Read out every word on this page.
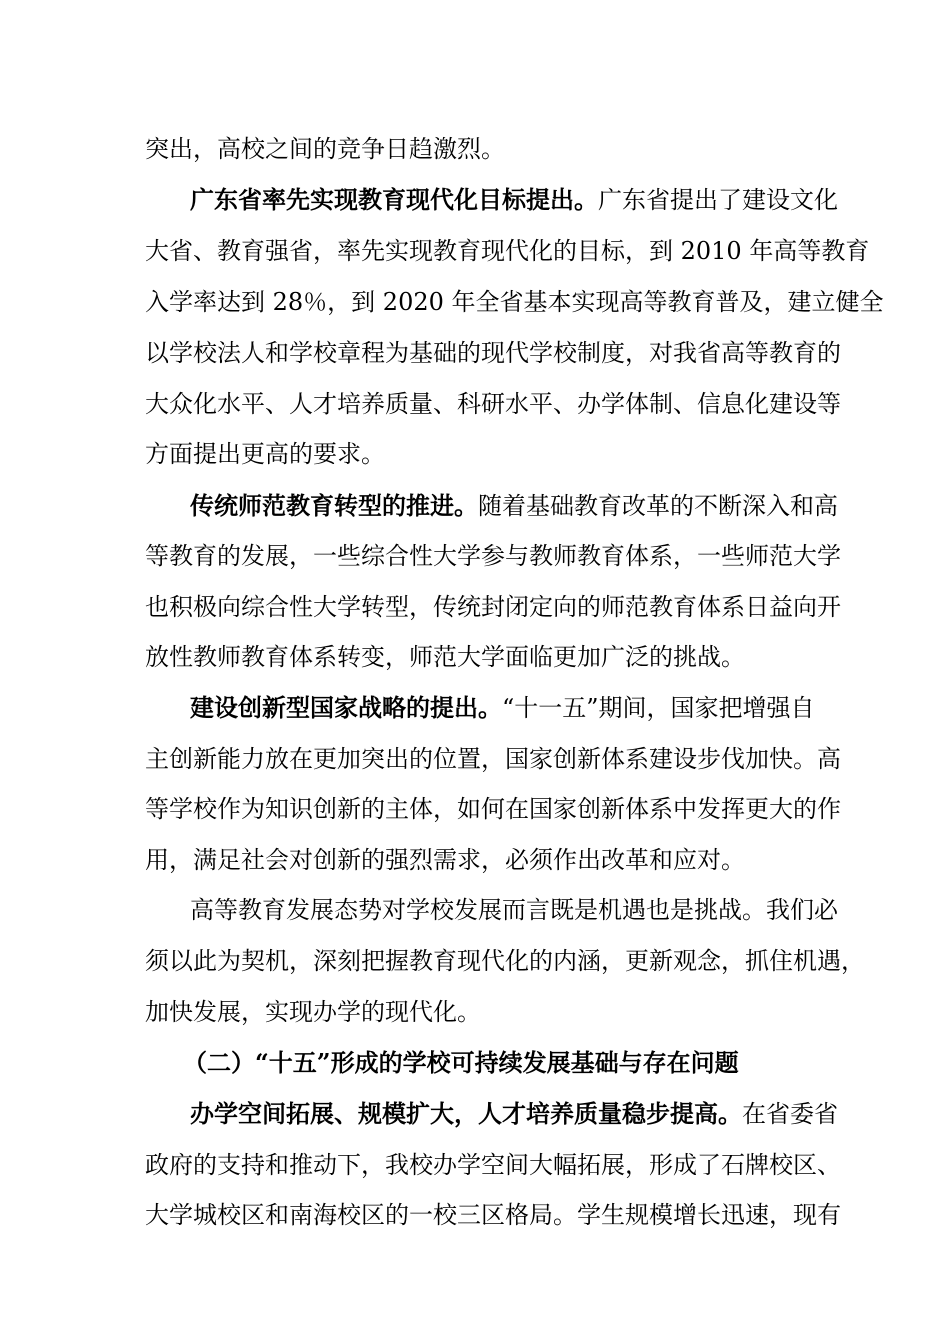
突出，高校之间的竞争日趋激烈。
广东省率先实现教育现代化目标提出。广东省提出了建设文化
大省、教育强省，率先实现教育现代化的目标，到 2010 年高等教育
入学率达到 28％，到 2020 年全省基本实现高等教育普及，建立健全
以学校法人和学校章程为基础的现代学校制度，对我省高等教育的
大众化水平、人才培养质量、科研水平、办学体制、信息化建设等
方面提出更高的要求。
传统师范教育转型的推进。随着基础教育改革的不断深入和高
等教育的发展，一些综合性大学参与教师教育体系，一些师范大学
也积极向综合性大学转型，传统封闭定向的师范教育体系日益向开
放性教师教育体系转变，师范大学面临更加广泛的挑战。
建设创新型国家战略的提出。“十一五”期间，国家把增强自
主创新能力放在更加突出的位置，国家创新体系建设步伐加快。高
等学校作为知识创新的主体，如何在国家创新体系中发挥更大的作
用，满足社会对创新的强烈需求，必须作出改革和应对。
高等教育发展态势对学校发展而言既是机遇也是挑战。我们必
须以此为契机，深刻把握教育现代化的内涵，更新观念，抓住机遇，
加快发展，实现办学的现代化。
（二）“十五”形成的学校可持续发展基础与存在问题
办学空间拓展、规模扩大，人才培养质量稳步提高。在省委省
政府的支持和推动下，我校办学空间大幅拓展，形成了石牌校区、
大学城校区和南海校区的一校三区格局。学生规模增长迅速，现有
